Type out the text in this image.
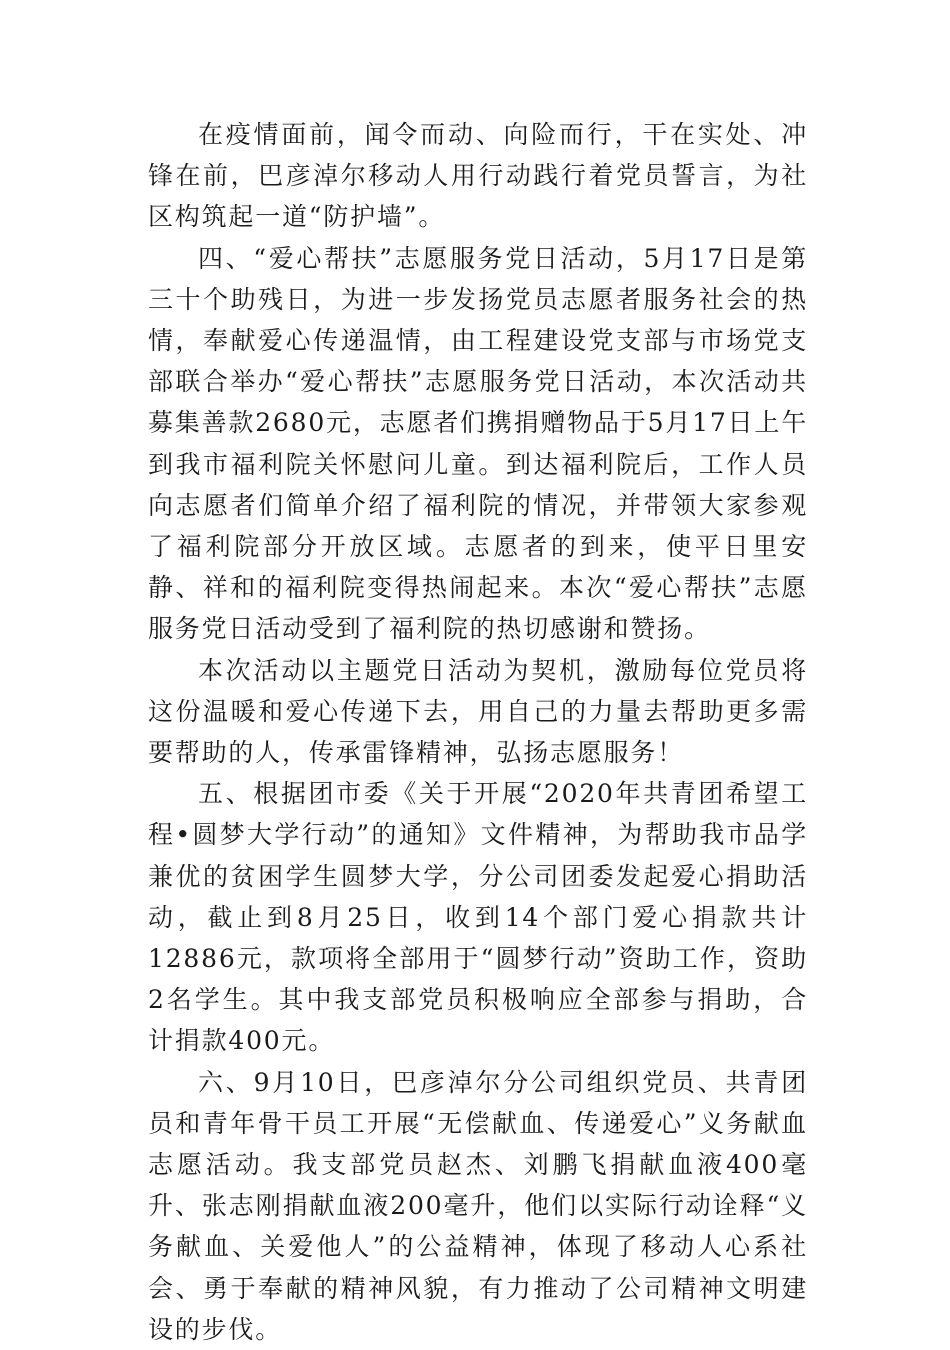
在疫情面前，闻令而动、向险而行，干在实处、冲锋在前，巴彦淖尔移动人用行动践行着党员誓言，为社区构筑起一道“防护墙”。

四、“爱心帮扶”志愿服务党日活动，5月17日是第三十个助残日，为进一步发扬党员志愿者服务社会的热情，奉献爱心传递温情，由工程建设党支部与市场党支部联合举办“爱心帮扶”志愿服务党日活动，本次活动共募集善款2680元，志愿者们携捐赠物品于5月17日上午到我市福利院关怀慰问儿童。到达福利院后，工作人员向志愿者们简单介绍了福利院的情况，并带领大家参观了福利院部分开放区域。志愿者的到来，使平日里安静、祥和的福利院变得热闹起来。本次“爱心帮扶”志愿服务党日活动受到了福利院的热切感谢和赞扬。

本次活动以主题党日活动为契机，激励每位党员将这份温暖和爱心传递下去，用自己的力量去帮助更多需要帮助的人，传承雷锋精神，弘扬志愿服务！

五、根据团市委《关于开展“2020年共青团希望工程•圆梦大学行动”的通知》文件精神，为帮助我市品学兼优的贫困学生圆梦大学，分公司团委发起爱心捐助活动，截止到8月25日，收到14个部门爱心捐款共计12886元，款项将全部用于“圆梦行动”资助工作，资助2名学生。其中我支部党员积极响应全部参与捐助，合计捐款400元。

六、9月10日，巴彦淖尔分公司组织党员、共青团员和青年骨干员工开展“无偿献血、传递爱心”义务献血志愿活动。我支部党员赵杰、刘鹏飞捐献血液400毫升、张志刚捐献血液200毫升，他们以实际行动诠释“义务献血、关爱他人”的公益精神，体现了移动人心系社会、勇于奉献的精神风貌，有力推动了公司精神文明建设的步伐。
